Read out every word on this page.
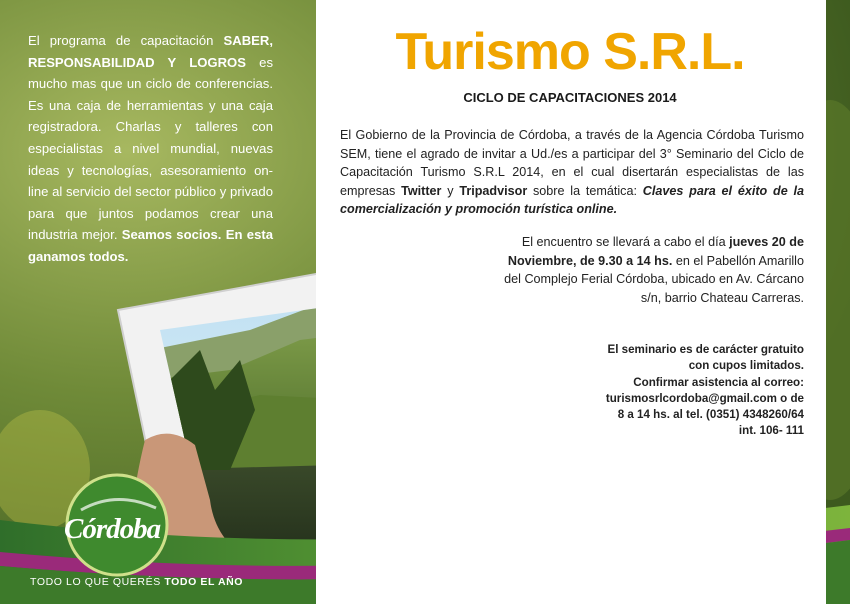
El programa de capacitación SABER, RESPONSABILIDAD Y LOGROS es mucho mas que un ciclo de conferencias. Es una caja de herramientas y una caja registradora. Charlas y talleres con especialistas a nivel mundial, nuevas ideas y tecnologías, asesoramiento on-line al servicio del sector público y privado para que juntos podamos crear una industria mejor. Seamos socios. En esta ganamos todos.
Turismo S.R.L.
CICLO DE CAPACITACIONES 2014
El Gobierno de la Provincia de Córdoba, a través de la Agencia Córdoba Turismo SEM, tiene el agrado de invitar a Ud./es a participar del 3° Seminario del Ciclo de Capacitación Turismo S.R.L 2014, en el cual disertarán especialistas de las empresas Twitter y Tripadvisor sobre la temática: Claves para el éxito de la comercialización y promoción turística online.
El encuentro se llevará a cabo el día jueves 20 de Noviembre, de 9.30 a 14 hs. en el Pabellón Amarillo del Complejo Ferial Córdoba, ubicado en Av. Cárcano s/n, barrio Chateau Carreras.
El seminario es de carácter gratuito
con cupos limitados.
Confirmar asistencia al correo:
turismosrlcordoba@gmail.com o de
8 a 14 hs. al tel. (0351) 4348260/64
int. 106- 111
Córdoba
TODO LO QUE QUERÉS TODO EL AÑO	UPC
CTPC
Cámara de Turismo de
la Provincia de Córdoba
AGENCIA DE PROMOCION DEL
EMPLEO
AGENCIA
CÓRDOBA
TURISMO
GOBIERNO DE LA
PROVINCIA DE
CÓRDOBA
